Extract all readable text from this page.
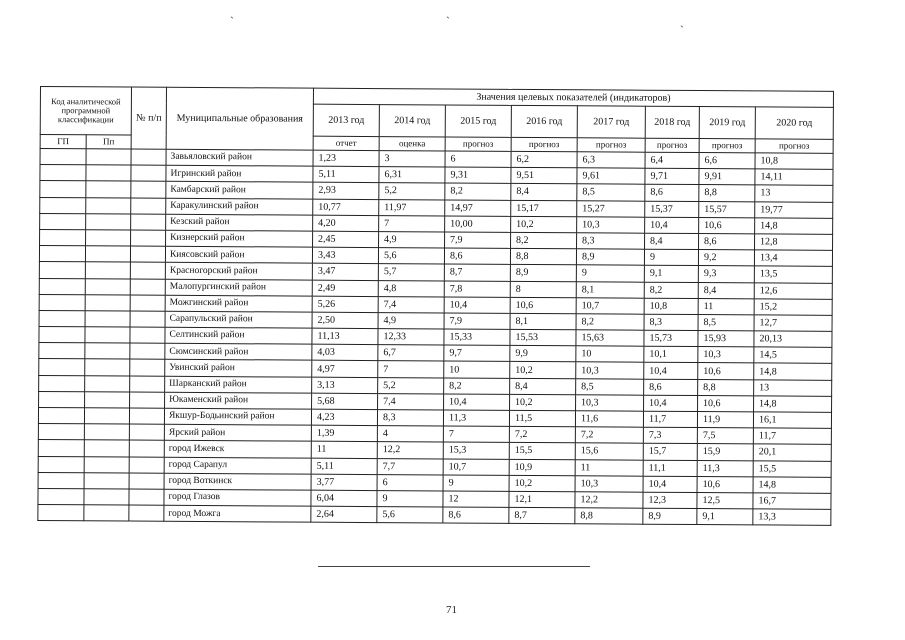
ˋ	ˋ	ˏ
Код аналитической программной классификации		№ п/п	Муниципальные образования	Значения целевых показателей (индикаторов)							
				2013 год	2014 год	2015 год	2016 год	2017 год	2018 год	2019 год	2020 год
ГП	Пп			отчет	оценка	прогноз	прогноз	прогноз	прогноз	прогноз	прогноз
			Завьяловский район	1,23	3	6	6,2	6,3	6,4	6,6	10,8
			Игринский район	5,11	6,31	9,31	9,51	9,61	9,71	9,91	14,11
			Камбарский район	2,93	5,2	8,2	8,4	8,5	8,6	8,8	13
			Каракулинский район	10,77	11,97	14,97	15,17	15,27	15,37	15,57	19,77
			Кезский район	4,20	7	10,00	10,2	10,3	10,4	10,6	14,8
			Кизнерский район	2,45	4,9	7,9	8,2	8,3	8,4	8,6	12,8
			Киясовский район	3,43	5,6	8,6	8,8	8,9	9	9,2	13,4
			Красногорский район	3,47	5,7	8,7	8,9	9	9,1	9,3	13,5
			Малопургинский район	2,49	4,8	7,8	8	8,1	8,2	8,4	12,6
			Можгинский район	5,26	7,4	10,4	10,6	10,7	10,8	11	15,2
			Сарапульский район	2,50	4,9	7,9	8,1	8,2	8,3	8,5	12,7
			Селтинский район	11,13	12,33	15,33	15,53	15,63	15,73	15,93	20,13
			Сюмсинский район	4,03	6,7	9,7	9,9	10	10,1	10,3	14,5
			Увинский район	4,97	7	10	10,2	10,3	10,4	10,6	14,8
			Шарканский район	3,13	5,2	8,2	8,4	8,5	8,6	8,8	13
			Юкаменский район	5,68	7,4	10,4	10,2	10,3	10,4	10,6	14,8
			Якшур-Бодьинский район	4,23	8,3	11,3	11,5	11,6	11,7	11,9	16,1
			Ярский район	1,39	4	7	7,2	7,2	7,3	7,5	11,7
			город Ижевск	11	12,2	15,3	15,5	15,6	15,7	15,9	20,1
			город Сарапул	5,11	7,7	10,7	10,9	11	11,1	11,3	15,5
			город Воткинск	3,77	6	9	10,2	10,3	10,4	10,6	14,8
			город Глазов	6,04	9	12	12,1	12,2	12,3	12,5	16,7
			город Можга	2,64	5,6	8,6	8,7	8,8	8,9	9,1	13,3
71
